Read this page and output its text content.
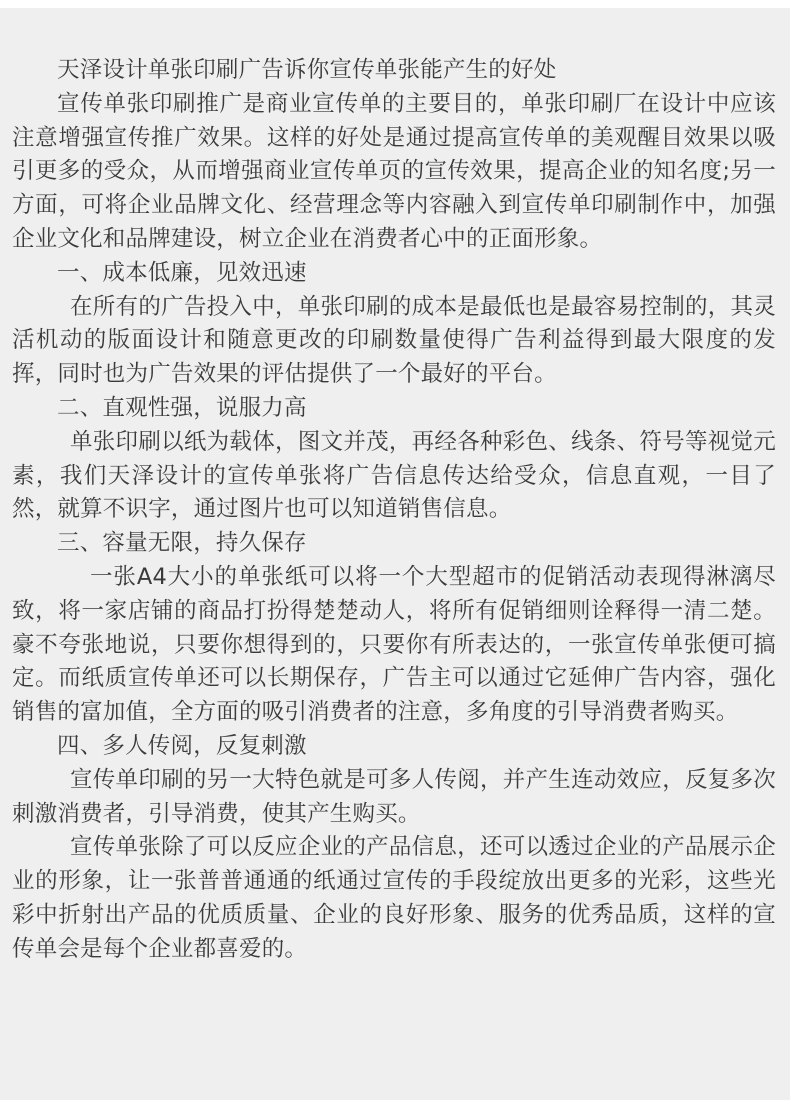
天泽设计单张印刷广告诉你宣传单张能产生的好处

宣传单张印刷推广是商业宣传单的主要目的，单张印刷厂在设计中应该注意增强宣传推广效果。这样的好处是通过提高宣传单的美观醒目效果以吸引更多的受众，从而增强商业宣传单页的宣传效果，提高企业的知名度;另一方面，可将企业品牌文化、经营理念等内容融入到宣传单印刷制作中，加强企业文化和品牌建设，树立企业在消费者心中的正面形象。

一、成本低廉，见效迅速

在所有的广告投入中，单张印刷的成本是最低也是最容易控制的，其灵活机动的版面设计和随意更改的印刷数量使得广告利益得到最大限度的发挥，同时也为广告效果的评估提供了一个最好的平台。

二、直观性强，说服力高

单张印刷以纸为载体，图文并茂，再经各种彩色、线条、符号等视觉元素，我们天泽设计的宣传单张将广告信息传达给受众，信息直观，一目了然，就算不识字，通过图片也可以知道销售信息。

三、容量无限，持久保存

一张A4大小的单张纸可以将一个大型超市的促销活动表现得淋漓尽致，将一家店铺的商品打扮得楚楚动人，将所有促销细则诠释得一清二楚。豪不夸张地说，只要你想得到的，只要你有所表达的，一张宣传单张便可搞定。而纸质宣传单还可以长期保存，广告主可以通过它延伸广告内容，强化销售的富加值，全方面的吸引消费者的注意，多角度的引导消费者购买。

四、多人传阅，反复刺激

宣传单印刷的另一大特色就是可多人传阅，并产生连动效应，反复多次刺激消费者，引导消费，使其产生购买。

宣传单张除了可以反应企业的产品信息，还可以透过企业的产品展示企业的形象，让一张普普通通的纸通过宣传的手段绽放出更多的光彩，这些光彩中折射出产品的优质质量、企业的良好形象、服务的优秀品质，这样的宣传单会是每个企业都喜爱的。
